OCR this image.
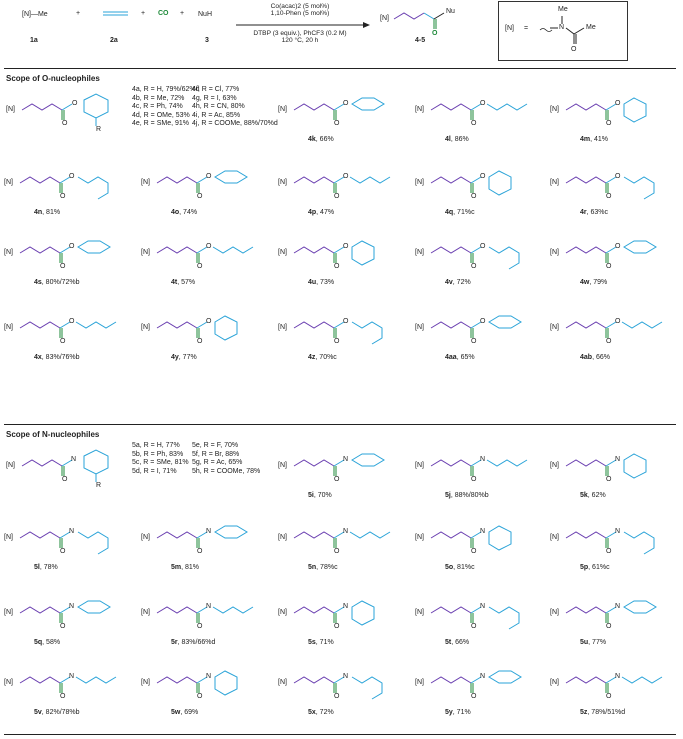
[N]—Me
1a
+
2a
+ CO + NuH
3
Co(acac)2 (5 mol%)
1,10-Phen (5 mol%)
DTBP (3 equiv.), PhCF3 (0.2 M)
120 °C, 20 h
[N]
Nu
O
4-5
[N] =
Me
N
O
Me
Scope of O-nucleophiles
[N]
O
O
R
4a, R = H, 79%/62%d
4b, R = Me, 72%
4c, R = Ph, 74%
4d, R = OMe, 53%
4e, R = SMe, 91%
4f, R = Cl, 77%
4g, R = I, 63%
4h, R = CN, 80%
4i, R = Ac, 85%
4j, R = COOMe, 88%/70%d
[N]
O
O
4k, 66%
[N]
O
O
4l, 86%
[N]
O
O
4m, 41%
[N]
O
O
4n, 81%
[N]
O
O
4o, 74%
[N]
O
O
4p, 47%
[N]
O
O
4q, 71%c
[N]
O
O
4r, 63%c
[N]
O
O
4s, 80%/72%b
[N]
O
O
4t, 57%
[N]
O
O
4u, 73%
[N]
O
O
4v, 72%
[N]
O
O
4w, 79%
[N]
O
O
4x, 83%/76%b
[N]
O
O
4y, 77%
[N]
O
O
4z, 70%c
[N]
O
O
4aa, 65%
[N]
O
O
4ab, 66%
Scope of N-nucleophiles
[N]
N
O
R
5a, R = H, 77%
5b, R = Ph, 83%
5c, R = SMe, 81%
5d, R = I, 71%
5e, R = F, 70%
5f, R = Br, 88%
5g, R = Ac, 65%
5h, R = COOMe, 78%
[N]
N
O
5i, 70%
[N]
N
O
5j, 88%/80%b
[N]
N
O
5k, 62%
[N]
N
O
5l, 78%
[N]
N
O
5m, 81%
[N]
N
O
5n, 78%c
[N]
N
O
5o, 81%c
[N]
N
O
5p, 61%c
[N]
N
O
5q, 58%
[N]
N
O
5r, 83%/66%d
[N]
N
O
5s, 71%
[N]
N
O
5t, 66%
[N]
N
O
5u, 77%
[N]
N
O
5v, 82%/78%b
[N]
N
O
5w, 69%
[N]
N
O
5x, 72%
[N]
N
O
5y, 71%
[N]
N
O
5z, 78%/51%d
